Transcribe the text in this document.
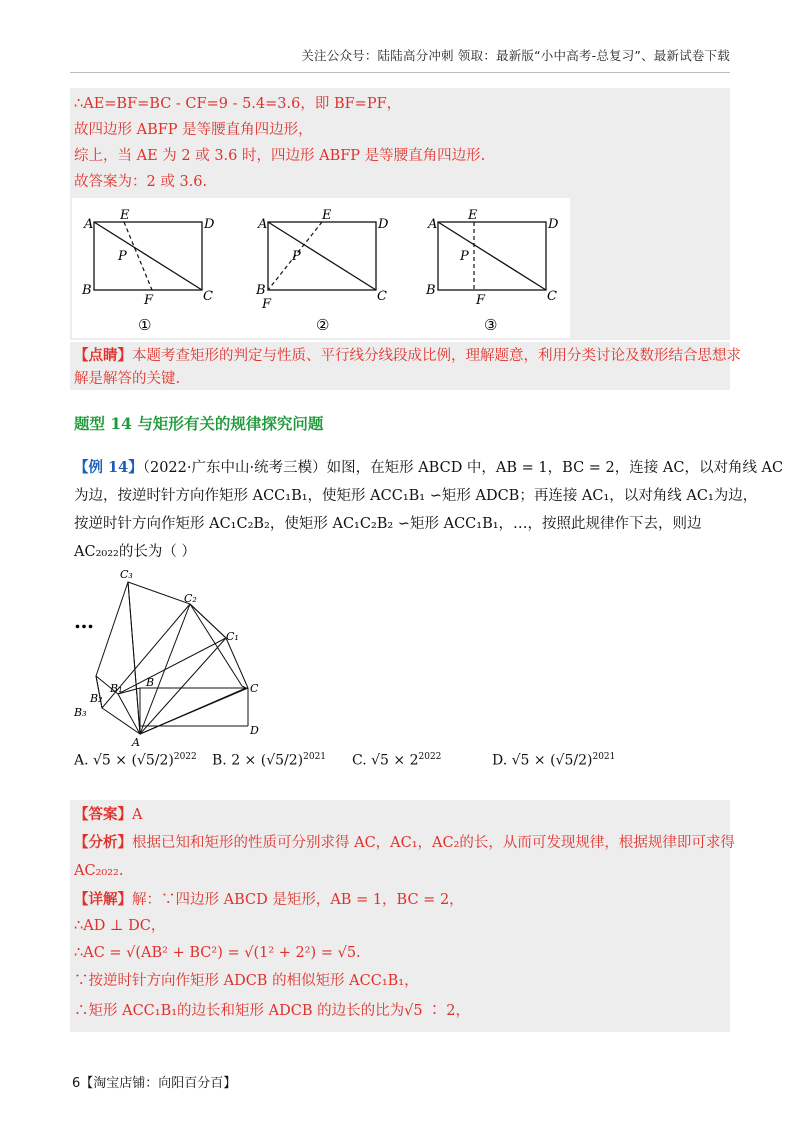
关注公众号：陆陆高分冲刺 领取：最新版“小中高考-总复习”、最新试卷下载
∴AE=BF=BC - CF=9 - 5.4=3.6，即 BF=PF，
故四边形 ABFP 是等腰直角四边形，
综上，当 AE 为 2 或 3.6 时，四边形 ABFP 是等腰直角四边形.
故答案为：2 或 3.6.
A
E
D
P
B
F	C
①
A
E
D
P
B
F
C
②
A
E
D
P
B
F	C
③
【点睛】本题考查矩形的判定与性质、平行线分线段成比例，理解题意，利用分类讨论及数形结合思想求
解是解答的关键.
题型 14 与矩形有关的规律探究问题
【例 14】（2022·广东中山·统考三模）如图，在矩形 ABCD 中，AB = 1，BC = 2，连接 AC，以对角线 AC
为边，按逆时针方向作矩形 ACC₁B₁，使矩形 ACC₁B₁ ∽矩形 ADCB；再连接 AC₁，以对角线 AC₁为边，
按逆时针方向作矩形 AC₁C₂B₂，使矩形 AC₁C₂B₂ ∽矩形 ACC₁B₁，…，按照此规律作下去，则边
AC₂₀₂₂的长为（ ）
…
A
B	C
D
B₁
B₂
B₃
C₁
C₂
C₃
A. $√5 \times (√5/2)^{2022}$ B. $2 \times (√5/2)^{2021}$ C. $√5 \times 2^{2022}$	D. $√5 \times (√5/2)^{2021}$
【答案】A
【分析】根据已知和矩形的性质可分别求得 AC，AC₁，AC₂的长，从而可发现规律，根据规律即可求得
AC₂₀₂₂.
【详解】解：∵四边形 ABCD 是矩形，AB = 1，BC = 2，
∴AD ⊥ DC，
∴AC = √(AB² + BC²) = √(1² + 2²) = √5.
∵按逆时针方向作矩形 ADCB 的相似矩形 ACC₁B₁，
∴矩形 ACC₁B₁的边长和矩形 ADCB 的边长的比为√5 ∶ 2，
6【淘宝店铺：向阳百分百】
